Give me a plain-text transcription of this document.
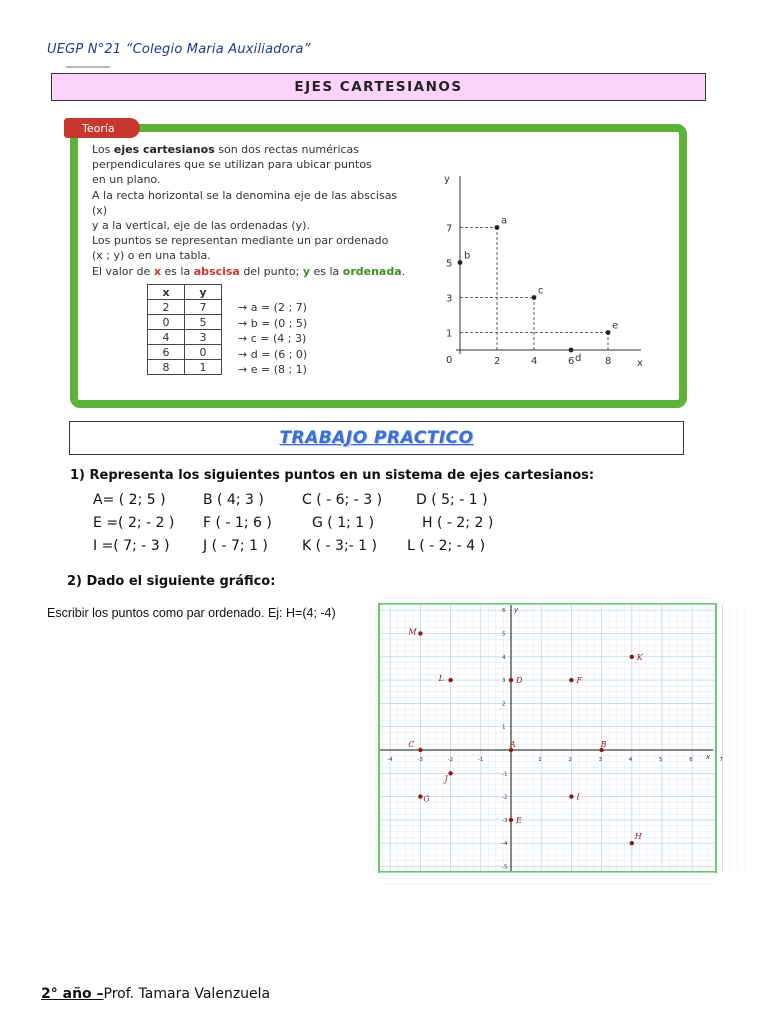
UEGP N°21 “Colegio Maria Auxiliadora”
EJES CARTESIANOS
Teoría
Los ejes cartesianos son dos rectas numéricas
perpendiculares que se utilizan para ubicar puntos
en un plano.
A la recta horizontal se la denomina eje de las abscisas (x)
y a la vertical, eje de las ordenadas (y).
Los puntos se representan mediante un par ordenado
(x ; y) o en una tabla.
El valor de x es la abscisa del punto; y es la ordenada.
x	y
2	7
0	5
4	3
6	0
8	1
→ a = (2 ; 7)
→ b = (0 ; 5)
→ c = (4 ; 3)
→ d = (6 ; 0)
→ e = (8 ; 1)
y
x
0	2	4	6	8
7
5
3
1
a
b
c
d
e
TRABAJO PRACTICO
1) Representa los siguientes puntos en un sistema de ejes cartesianos:
A= ( 2; 5 )	B ( 4; 3 )	C ( - 6; - 3 ) D ( 5; - 1 )
E =( 2; - 2 ) F ( - 1; 6 )	G ( 1; 1 )	H ( - 2; 2 )
I =( 7; - 3 ) J ( - 7; 1 ) K ( - 3;- 1 ) L ( - 2; - 4 )
2) Dado el siguiente gráfico:
Escribir los puntos como par ordenado. Ej: H=(4; -4)
x
y
-4	-3	-2	-1	1	2	3	4	5	6	7
6
5
4
3
2
1
-1
-2
-3
-4
-5
M
K
L	D	F
C	A	B
J
G	I
E
H
2° año –Prof. Tamara Valenzuela
